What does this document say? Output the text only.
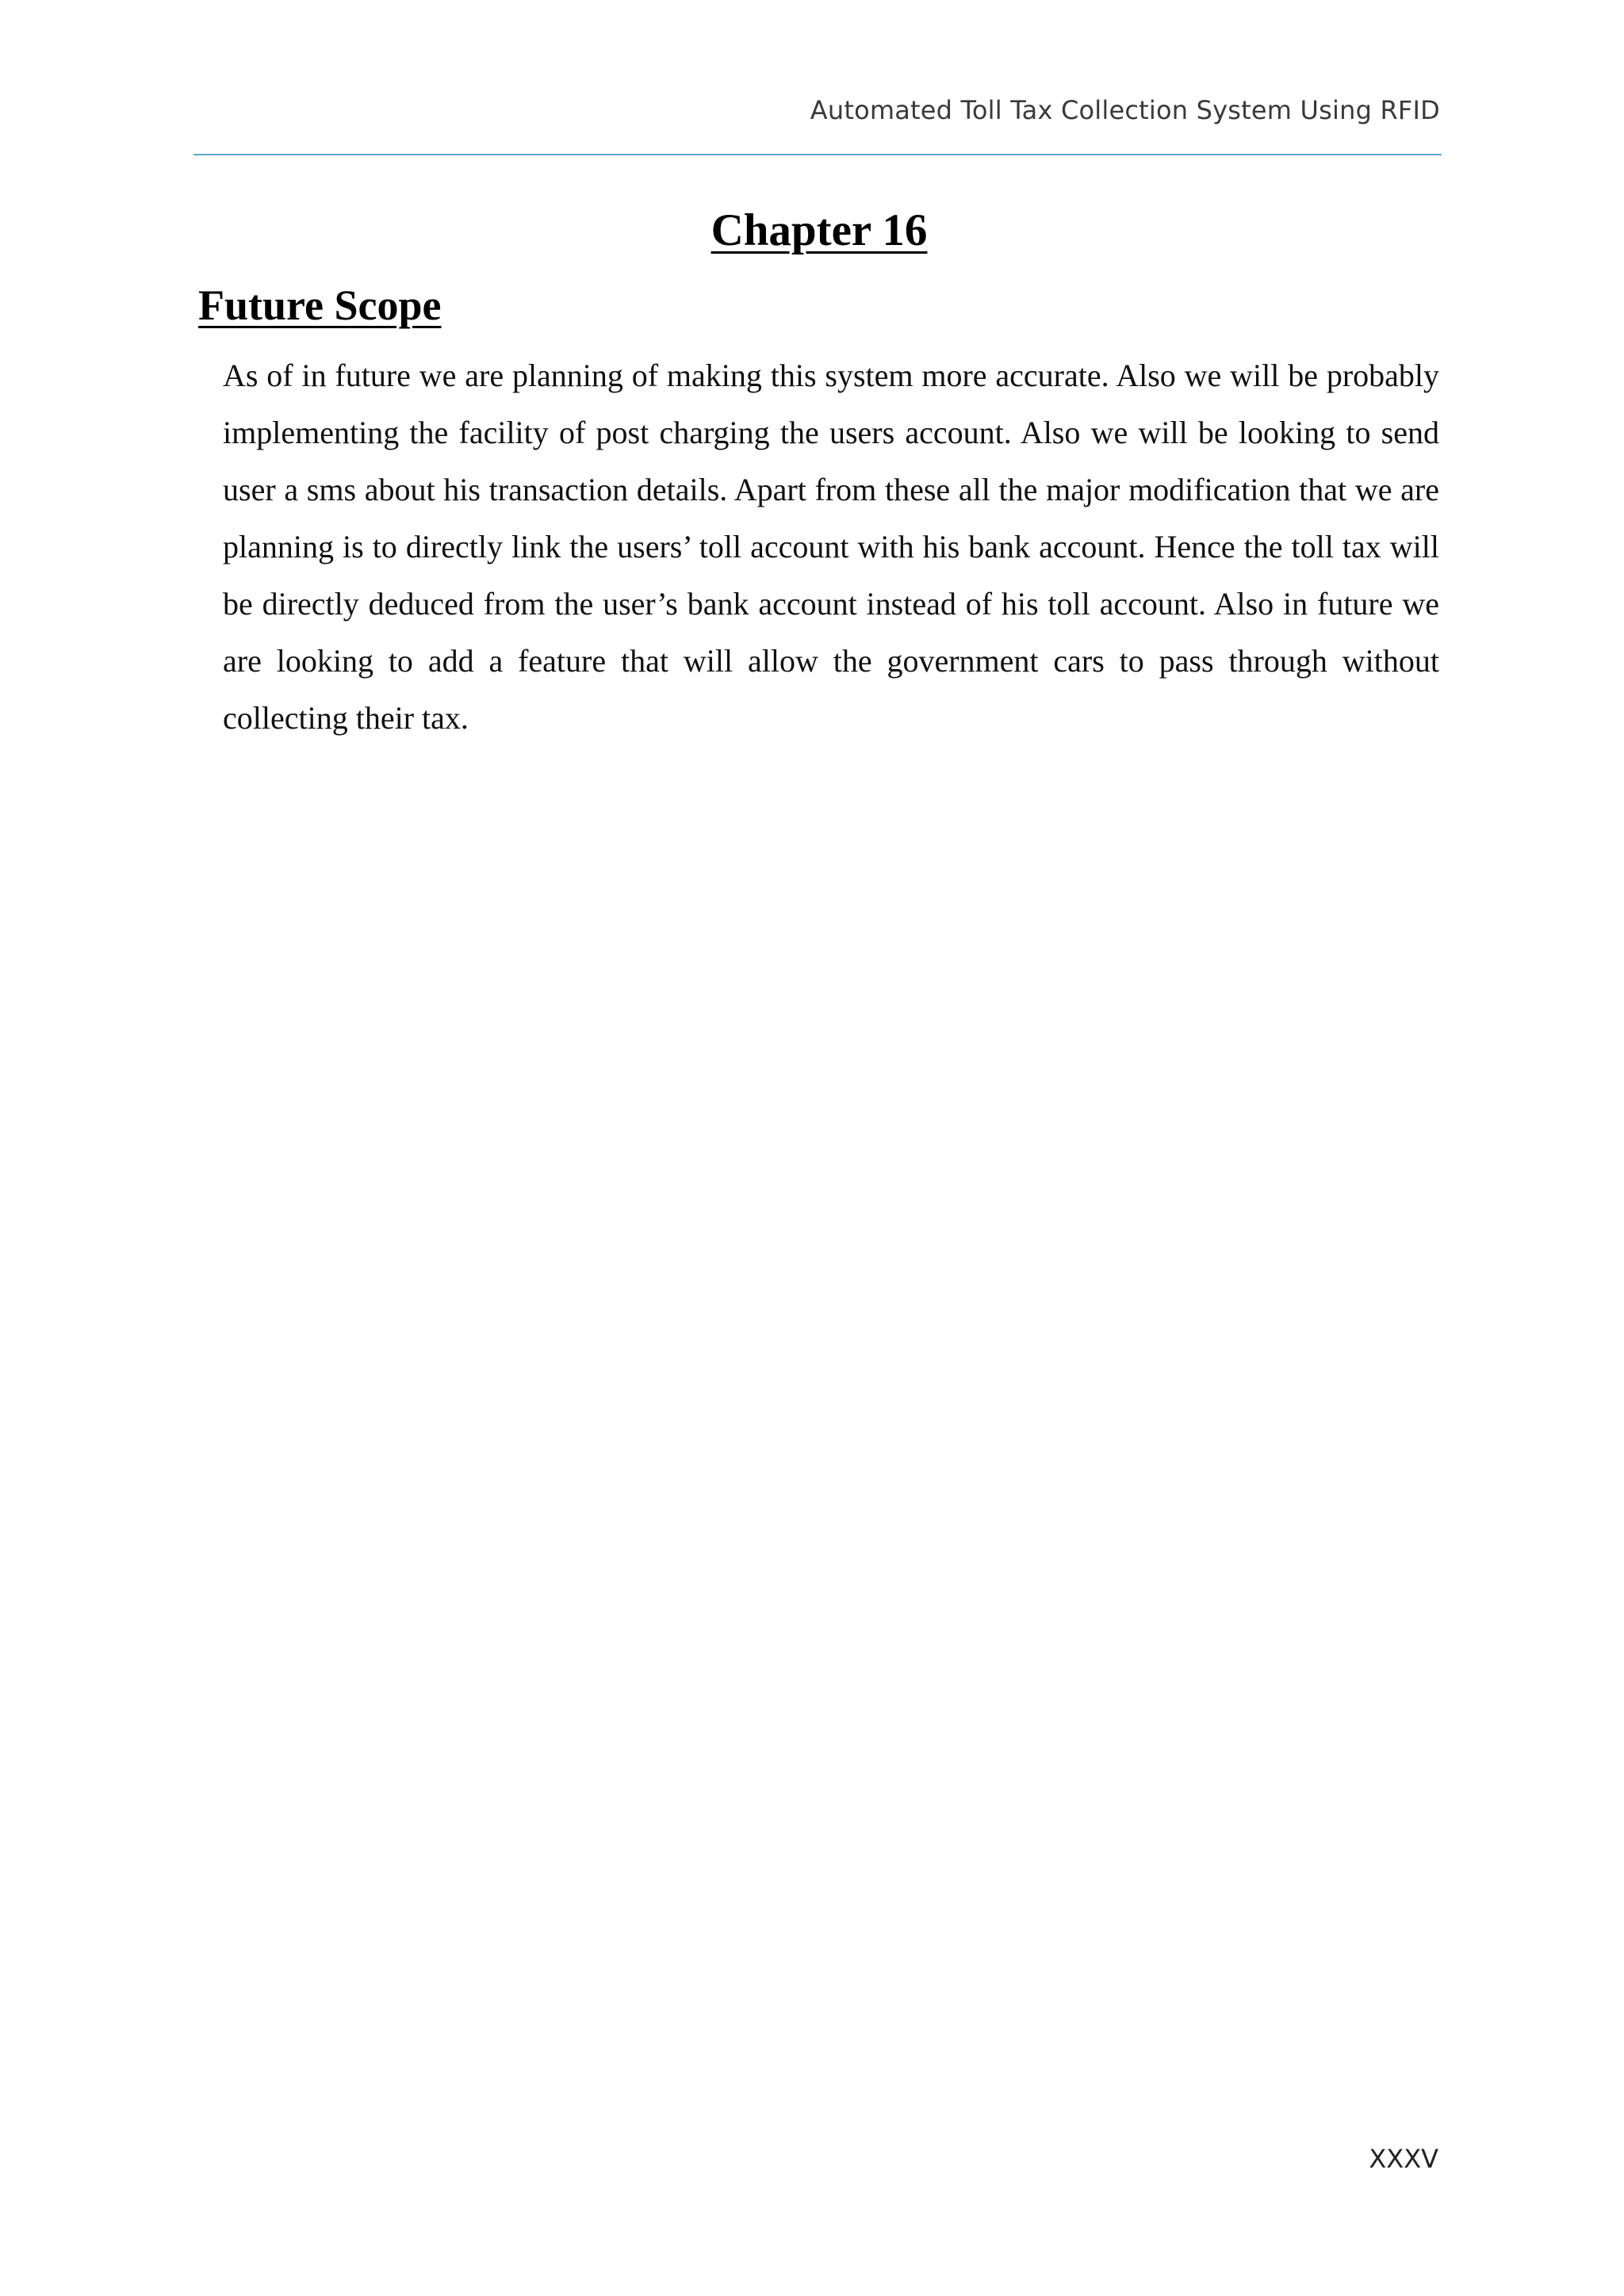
Automated Toll Tax Collection System Using RFID
Chapter 16
Future Scope

As of in future we are planning of making this system more accurate. Also we will be probably implementing the facility of post charging the users account. Also we will be looking to send user a sms about his transaction details. Apart from these all the major modification that we are planning is to directly link the users’ toll account with his bank account. Hence the toll tax will be directly deduced from the user’s bank account instead of his toll account. Also in future we are looking to add a feature that will allow the government cars to pass through without collecting their tax.

XXXV
